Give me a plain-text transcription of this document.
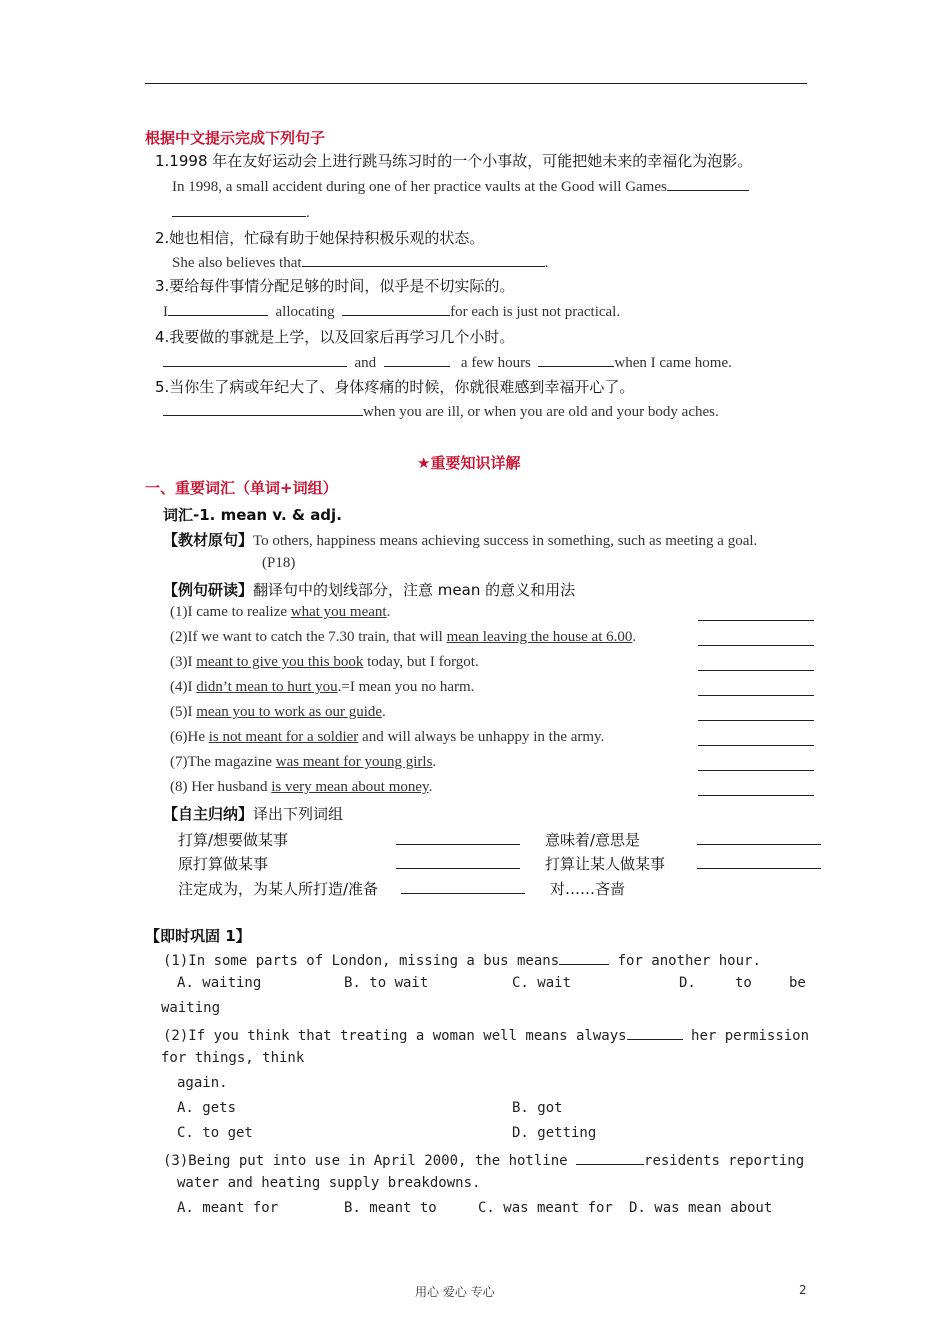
根据中文提示完成下列句子
1.1998 年在友好运动会上进行跳马练习时的一个小事故，可能把她未来的幸福化为泡影。
In 1998, a small accident during one of her practice vaults at the Good will Games
.
2.她也相信，忙碌有助于她保持积极乐观的状态。
She also believes that	.
3.要给每件事情分配足够的时间，似乎是不切实际的。
I	allocating	for each is just not practical.
4.我要做的事就是上学，以及回家后再学习几个小时。
and	a few hours	when I came home.
5.当你生了病或年纪大了、身体疼痛的时候，你就很难感到幸福开心了。
when you are ill, or when you are old and your body aches.
★重要知识详解
一、重要词汇（单词+词组）
词汇-1. mean v. & adj.
【教材原句】To others, happiness means achieving success in something, such as meeting a goal.
(P18)
【例句研读】翻译句中的划线部分，注意 mean 的意义和用法
(1)I came to realize what you meant.
(2)If we want to catch the 7.30 train, that will mean leaving the house at 6.00.
(3)I meant to give you this book today, but I forgot.
(4)I didn’t mean to hurt you.=I mean you no harm.
(5)I mean you to work as our guide.
(6)He is not meant for a soldier and will always be unhappy in the army.
(7)The magazine was meant for young girls.
(8) Her husband is very mean about money.
【自主归纳】译出下列词组
打算/想要做某事	意味着/意思是
原打算做某事	打算让某人做某事
注定成为，为某人所打造/准备	对……吝啬
【即时巩固 1】
(1)In some parts of London, missing a bus means	for another hour.
A. waiting	B. to wait	C. wait	D.	to	be
waiting
(2)If you think that treating a woman well means always	her permission
for things, think
again.
A. gets	B. got
C. to get	D. getting
(3)Being put into use in April 2000, the hotline	residents reporting
water and heating supply breakdowns.
A. meant for	B. meant to	C. was meant for D. was mean about
用心 爱心 专心	2
